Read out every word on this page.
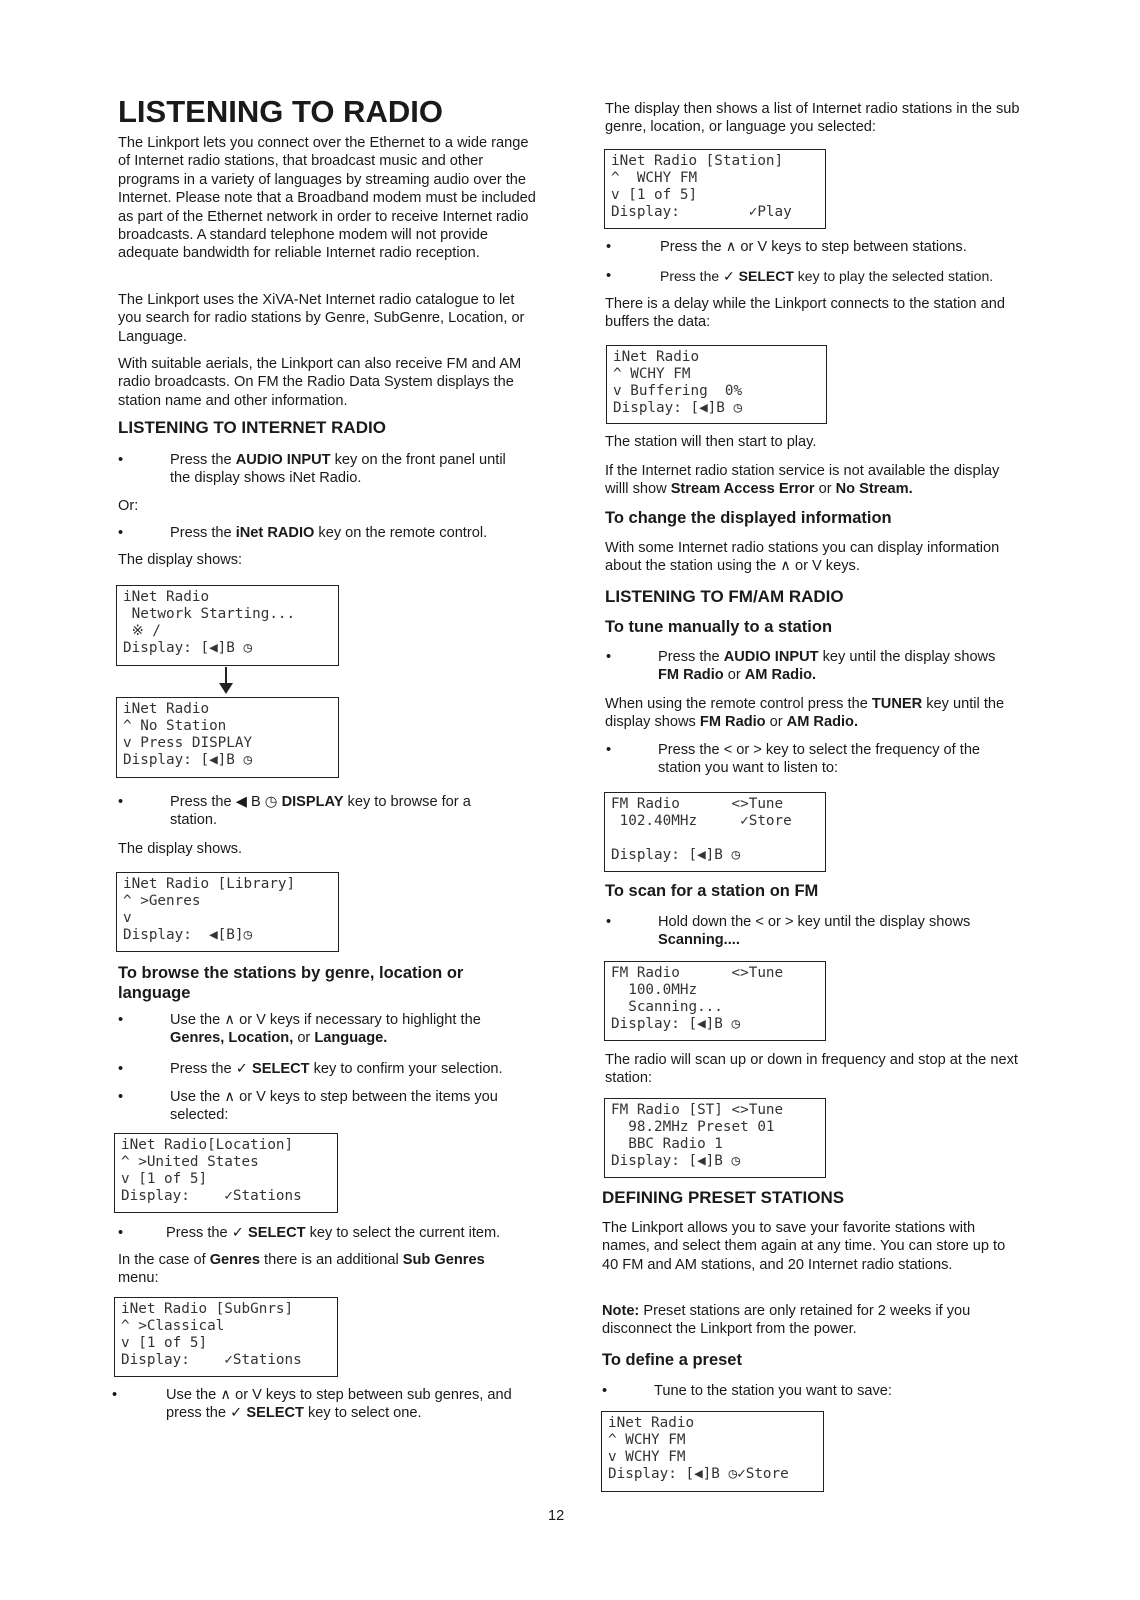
LISTENING TO RADIO

The Linkport lets you connect over the Ethernet to a wide range of Internet radio stations, that broadcast music and other programs in a variety of languages by streaming audio over the Internet. Please note that a Broadband modem must be included as part of the Ethernet network in order to receive Internet radio broadcasts. A standard telephone modem will not provide adequate bandwidth for reliable Internet radio reception.

The Linkport uses the XiVA-Net Internet radio catalogue to let you search for radio stations by Genre, SubGenre, Location, or Language.

With suitable aerials, the Linkport can also receive FM and AM radio broadcasts. On FM the Radio Data System displays the station name and other information.

LISTENING TO INTERNET RADIO
•	Press the AUDIO INPUT key on the front panel until the display shows iNet Radio.

Or:

•	Press the iNet RADIO key on the remote control.

The display shows:

iNet Radio
Network Starting...
※ /
Display: [◀]B ◷
iNet Radio
^ No Station
v Press DISPLAY
Display: [◀]B ◷
•	Press the ◀ B ◷ DISPLAY key to browse for a station.

The display shows.

iNet Radio [Library]
^ >Genres
v
Display:  ◀[B]◷
To browse the stations by genre, location or language
•	Use the ∧ or V keys if necessary to highlight the Genres, Location, or Language.
•	Press the ✓ SELECT key to confirm your selection.
•	Use the ∧ or V keys to step between the items you selected:
iNet Radio[Location]
^ >United States
v [1 of 5]
Display:    ✓Stations
•	Press the ✓ SELECT key to select the current item.

In the case of Genres there is an additional Sub Genres menu:

iNet Radio [SubGnrs]
^ >Classical
v [1 of 5]
Display:    ✓Stations
•	Use the ∧ or V keys to step between sub genres, and press the ✓ SELECT key to select one.

The display then shows a list of Internet radio stations in the sub genre, location, or language you selected:

iNet Radio [Station]
^  WCHY FM
v [1 of 5]
Display:        ✓Play
•	Press the ∧ or V keys to step between stations.
•	Press the ✓ SELECT key to play the selected station.

There is a delay while the Linkport connects to the station and buffers the data:

iNet Radio
^ WCHY FM
v Buffering  0%
Display: [◀]B ◷

The station will then start to play.

If the Internet radio station service is not available the display willl show Stream Access Error or No Stream.

To change the displayed information

With some Internet radio stations you can display information about the station using the ∧ or V keys.

LISTENING TO FM/AM RADIO
To tune manually to a station
•	Press the AUDIO INPUT key until the display shows FM Radio or AM Radio.

When using the remote control press the TUNER key until the display shows FM Radio or AM Radio.

•	Press the < or > key to select the frequency of the station you want to listen to:
FM Radio      <>Tune
102.40MHz     ✓Store
Display: [◀]B ◷
To scan for a station on FM
•	Hold down the < or > key until the display shows Scanning....
FM Radio      <>Tune
100.0MHz
Scanning...
Display: [◀]B ◷

The radio will scan up or down in frequency and stop at the next station:

FM Radio [ST] <>Tune
98.2MHz Preset 01
BBC Radio 1
Display: [◀]B ◷
DEFINING PRESET STATIONS

The Linkport allows you to save your favorite stations with names, and select them again at any time. You can store up to 40 FM and AM stations, and 20 Internet radio stations.

Note: Preset stations are only retained for 2 weeks if you disconnect the Linkport from the power.

To define a preset
•	Tune to the station you want to save:
iNet Radio
^ WCHY FM
v WCHY FM
Display: [◀]B ◷✓Store
12
